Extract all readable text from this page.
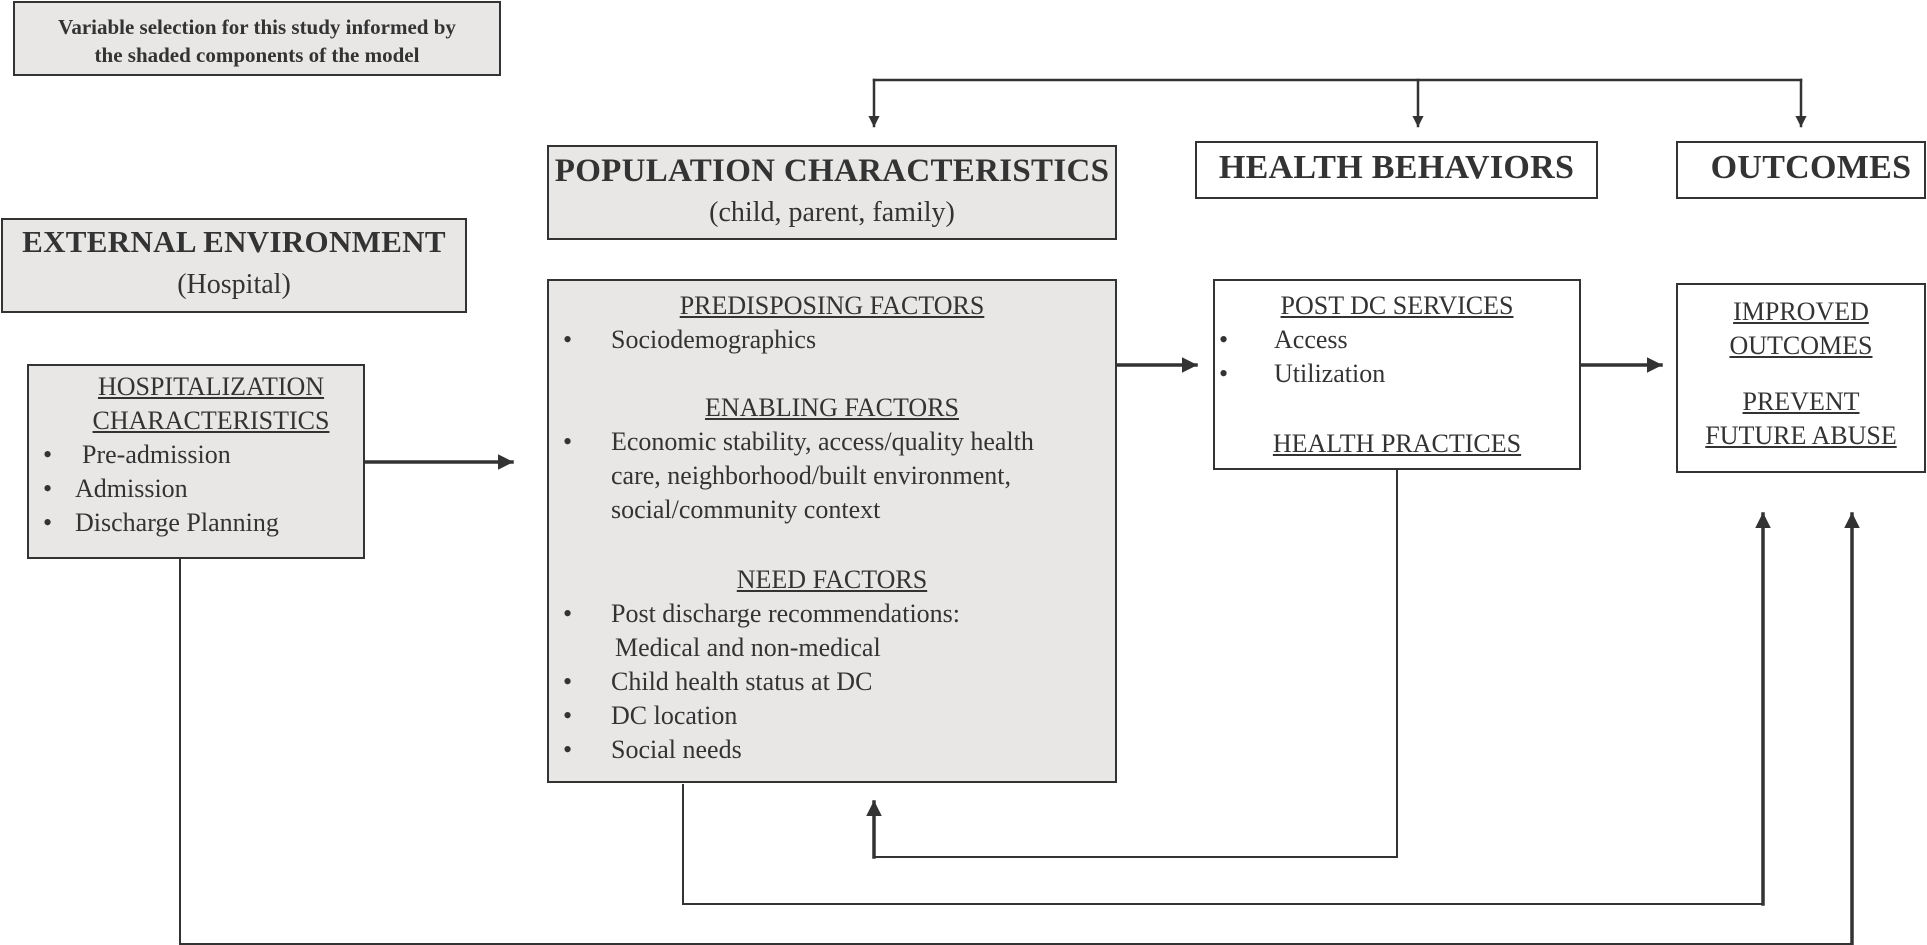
Variable selection for this study informed by the shaded components of the model
EXTERNAL ENVIRONMENT
(Hospital)
HOSPITALIZATION CHARACTERISTICS
• Pre-admission
• Admission
• Discharge Planning
POPULATION CHARACTERISTICS
(child, parent, family)
PREDISPOSING FACTORS
• Sociodemographics
ENABLING FACTORS
• Economic stability, access/quality health care, neighborhood/built environment, social/community context
NEED FACTORS
• Post discharge recommendations:
Medical and non-medical
• Child health status at DC
• DC location
• Social needs
HEALTH BEHAVIORS
POST DC SERVICES
• Access
• Utilization
HEALTH PRACTICES
OUTCOMES
IMPROVED
OUTCOMES
PREVENT
FUTURE ABUSE
